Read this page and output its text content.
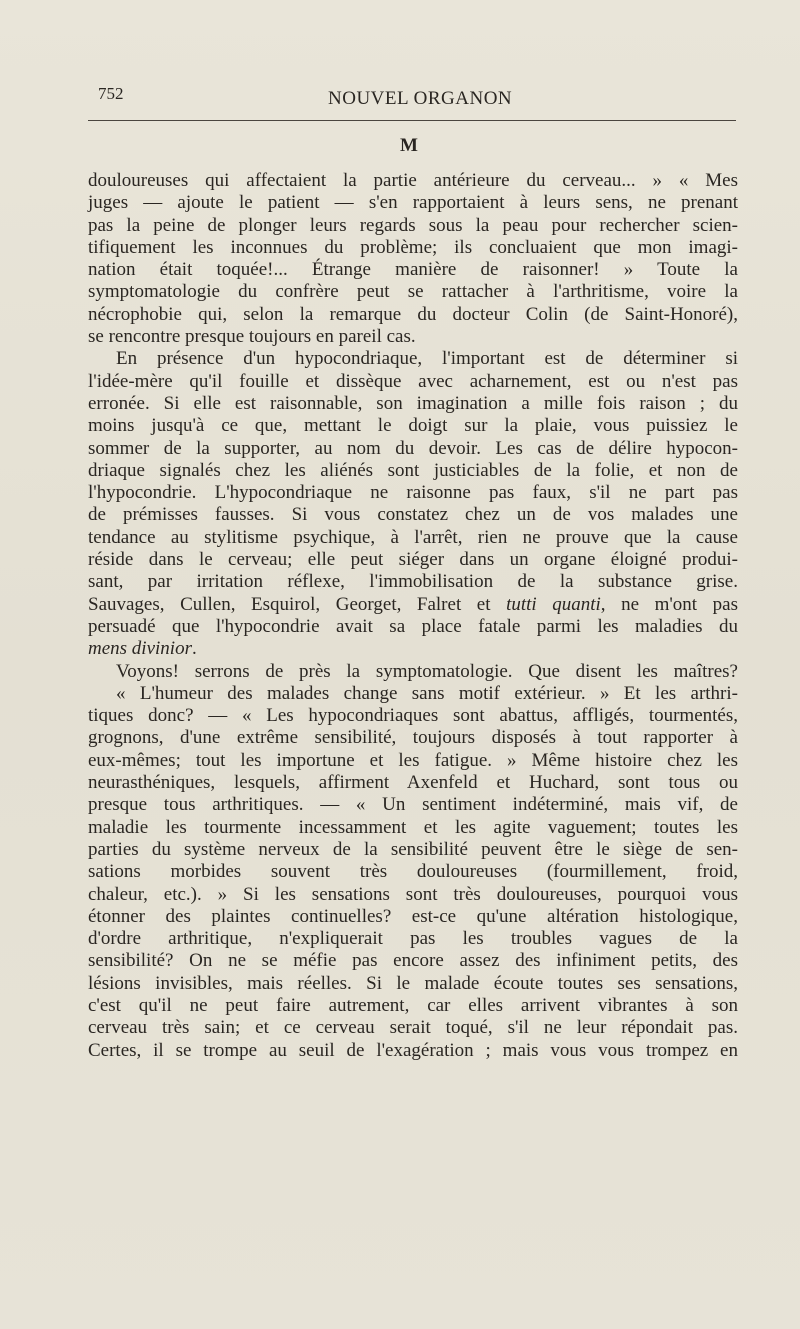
752	NOUVEL ORGANON
M
douloureuses qui affectaient la partie antérieure du cerveau... » « Mes
juges — ajoute le patient — s'en rapportaient à leurs sens, ne prenant
pas la peine de plonger leurs regards sous la peau pour rechercher scien-
tifiquement les inconnues du problème; ils concluaient que mon imagi-
nation était toquée!... Étrange manière de raisonner! » Toute la
symptomatologie du confrère peut se rattacher à l'arthritisme, voire la
nécrophobie qui, selon la remarque du docteur Colin (de Saint-Honoré),
se rencontre presque toujours en pareil cas.
En présence d'un hypocondriaque, l'important est de déterminer si
l'idée-mère qu'il fouille et dissèque avec acharnement, est ou n'est pas
erronée. Si elle est raisonnable, son imagination a mille fois raison ; du
moins jusqu'à ce que, mettant le doigt sur la plaie, vous puissiez le
sommer de la supporter, au nom du devoir. Les cas de délire hypocon-
driaque signalés chez les aliénés sont justiciables de la folie, et non de
l'hypocondrie. L'hypocondriaque ne raisonne pas faux, s'il ne part pas
de prémisses fausses. Si vous constatez chez un de vos malades une
tendance au stylitisme psychique, à l'arrêt, rien ne prouve que la cause
réside dans le cerveau; elle peut siéger dans un organe éloigné produi-
sant, par irritation réflexe, l'immobilisation de la substance grise.
Sauvages, Cullen, Esquirol, Georget, Falret et tutti quanti, ne m'ont pas
persuadé que l'hypocondrie avait sa place fatale parmi les maladies du
mens divinior.
Voyons! serrons de près la symptomatologie. Que disent les maîtres?
« L'humeur des malades change sans motif extérieur. » Et les arthri-
tiques donc? — « Les hypocondriaques sont abattus, affligés, tourmentés,
grognons, d'une extrême sensibilité, toujours disposés à tout rapporter à
eux-mêmes; tout les importune et les fatigue. » Même histoire chez les
neurasthéniques, lesquels, affirment Axenfeld et Huchard, sont tous ou
presque tous arthritiques. — « Un sentiment indéterminé, mais vif, de
maladie les tourmente incessamment et les agite vaguement; toutes les
parties du système nerveux de la sensibilité peuvent être le siège de sen-
sations morbides souvent très douloureuses (fourmillement, froid,
chaleur, etc.). » Si les sensations sont très douloureuses, pourquoi vous
étonner des plaintes continuelles? est-ce qu'une altération histologique,
d'ordre arthritique, n'expliquerait pas les troubles vagues de la
sensibilité? On ne se méfie pas encore assez des infiniment petits, des
lésions invisibles, mais réelles. Si le malade écoute toutes ses sensations,
c'est qu'il ne peut faire autrement, car elles arrivent vibrantes à son
cerveau très sain; et ce cerveau serait toqué, s'il ne leur répondait pas.
Certes, il se trompe au seuil de l'exagération ; mais vous vous trompez en
